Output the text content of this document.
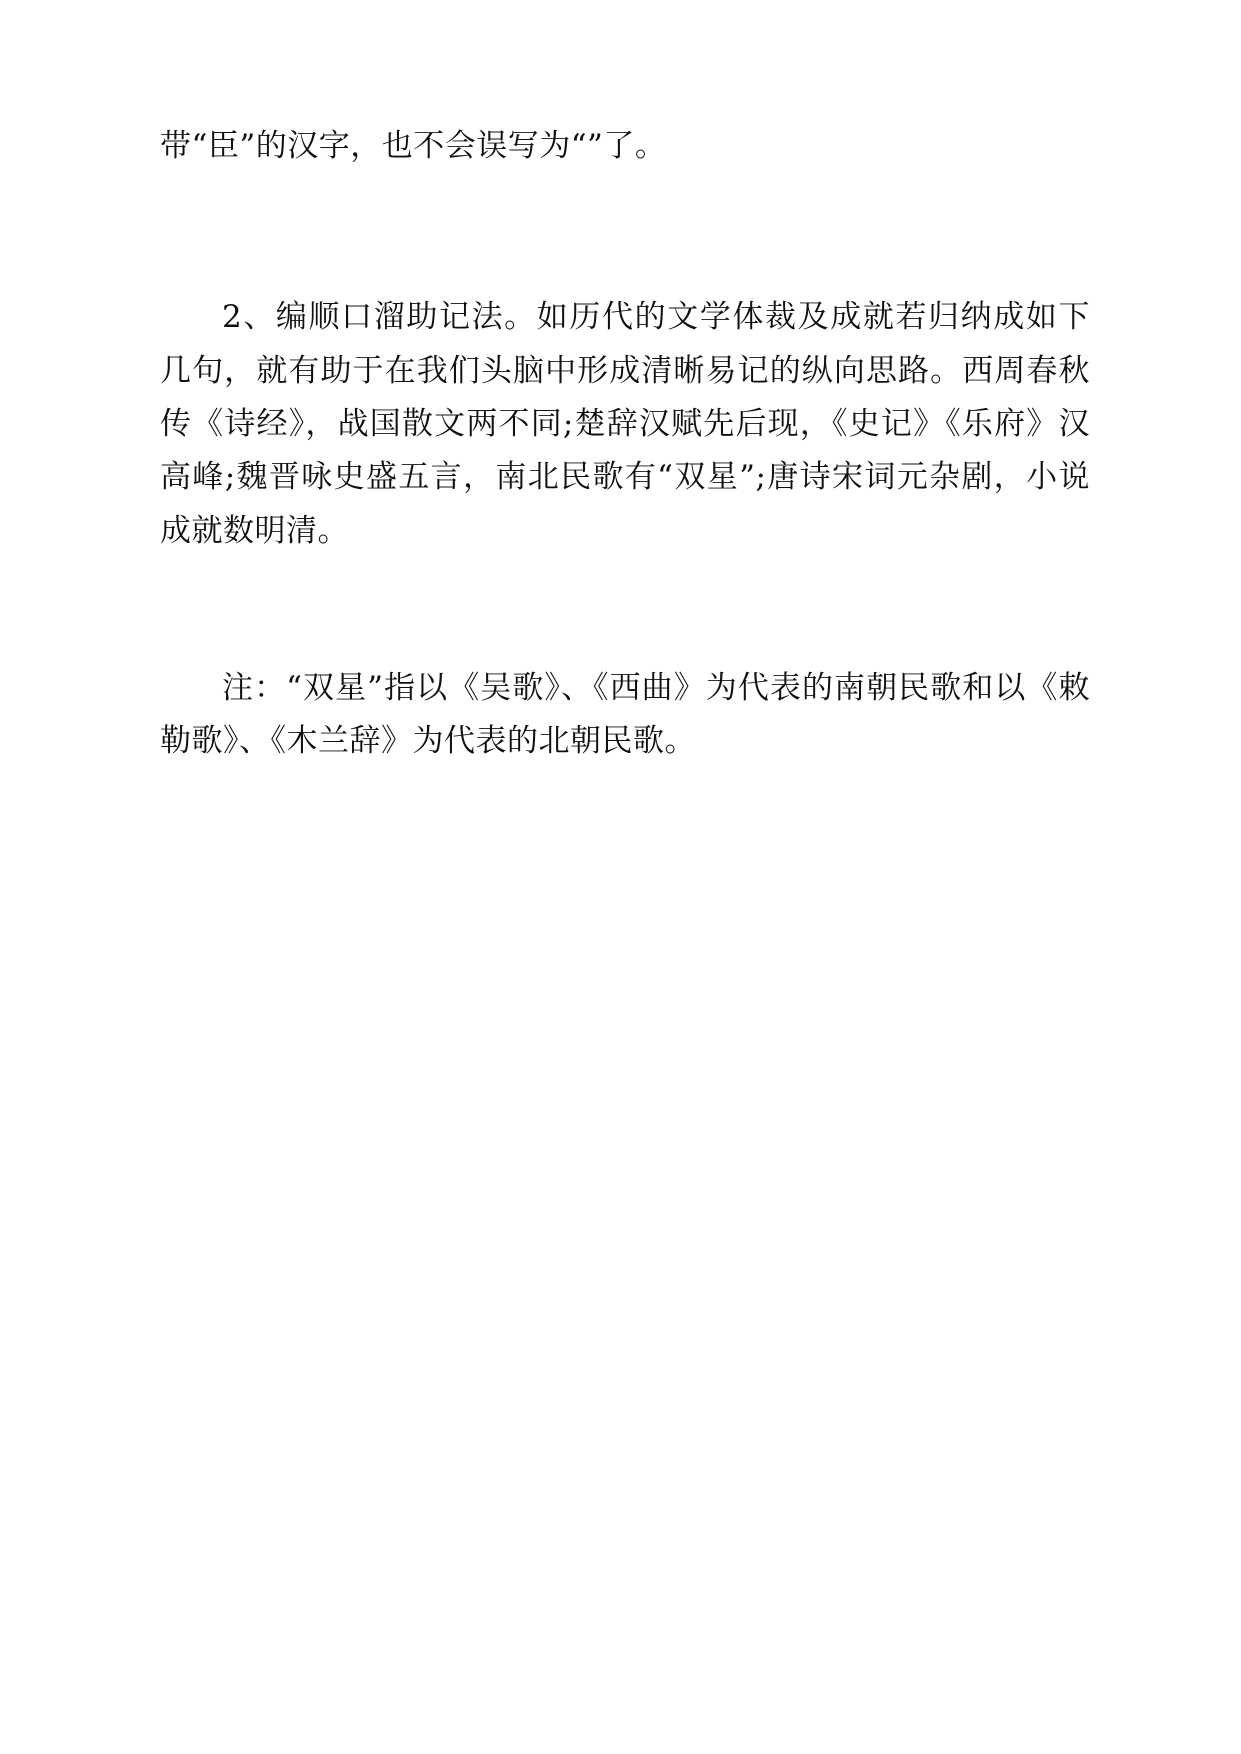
带“臣”的汉字，也不会误写为“”了。

2、编顺口溜助记法。如历代的文学体裁及成就若归纳成如下几句，就有助于在我们头脑中形成清晰易记的纵向思路。西周春秋传《诗经》，战国散文两不同;楚辞汉赋先后现，《史记》《乐府》汉高峰;魏晋咏史盛五言，南北民歌有“双星”;唐诗宋词元杂剧，小说成就数明清。

注：“双星”指以《吴歌》、《西曲》为代表的南朝民歌和以《敕勒歌》、《木兰辞》为代表的北朝民歌。
